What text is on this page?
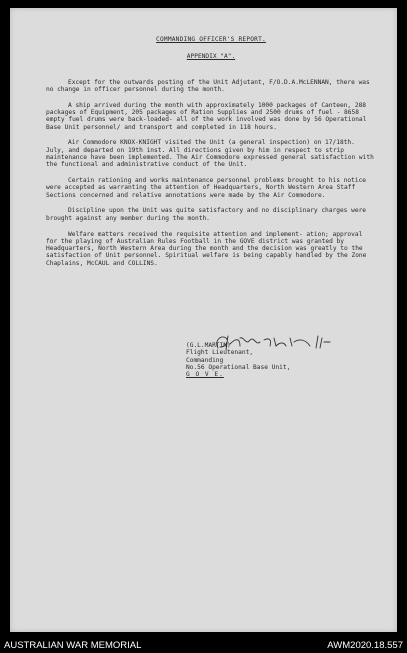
COMMANDING OFFICER'S REPORT.
APPENDIX "A".
Except for the outwards posting of the Unit Adjutant, F/O.D.A.McLENNAN, there was no change in officer personnel during the month.
A ship arrived during the month with approximately 1000 packages of Canteen, 288 packages of Equipment, 205 packages of Ration Supplies and 2500 drums of fuel - 8658 empty fuel drums were back-loaded- all of the work involved was done by 56 Operational Base Unit personnel/ and transport and completed in 118 hours.
Air Commodore KNOX-KNIGHT visited the Unit (a general inspection) on 17/18th. July, and departed on 19th inst. All directions given by him in respect to strip maintenance have been implemented. The Air Commodore expressed general satisfaction with the functional and administrative conduct of the Unit.
Certain rationing and works maintenance personnel problems brought to his notice were accepted as warranting the attention of Headquarters, North Western Area Staff Sections concerned and relative annotations were made by the Air Commodore.
Discipline upon the Unit was quite satisfactory and no disciplinary charges were brought against any member during the month.
Welfare matters received the requisite attention and implement- ation; approval for the playing of Australian Rules Football in the GOVE district was granted by Headquarters, North Western Area during the month and the decision was greatly to the satisfaction of Unit personnel. Spiritual welfare is being capably handled by the Zone Chaplains, McCAUL and COLLINS.
(G.L.MARTIN)
Flight Lieutenant,
Commanding
No.56 Operational Base Unit,
G O V E.
AUSTRALIAN WAR MEMORIAL	AWM2020.18.557
